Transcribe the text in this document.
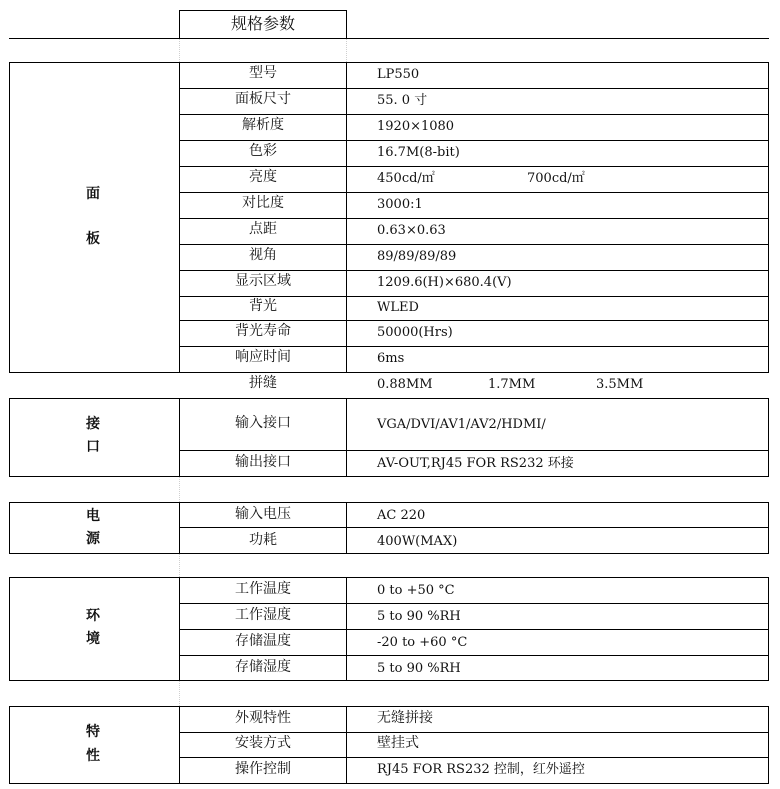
规格参数
面
板
型号	LP550
面板尺寸	55. 0 寸
解析度	1920×1080
色彩	16.7M(8-bit)
亮度	450cd/㎡	700cd/㎡
对比度	3000:1
点距	0.63×0.63
视角	89/89/89/89
显示区域	1209.6(H)×680.4(V)
背光	WLED
背光寿命	50000(Hrs)
响应时间	6ms
拼缝	0.88MM	1.7MM	3.5MM
接
口
输入接口	VGA/DVI/AV1/AV2/HDMI/
输出接口	AV-OUT,RJ45 FOR RS232 环接
电
源
输入电压	AC 220
功耗	400W(MAX)
环
境
工作温度	0 to +50 °C
工作湿度	5 to 90 %RH
存储温度	-20 to +60 °C
存储湿度	5 to 90 %RH
特
性
外观特性	无缝拼接
安装方式	壁挂式
操作控制	RJ45 FOR RS232 控制，红外遥控
